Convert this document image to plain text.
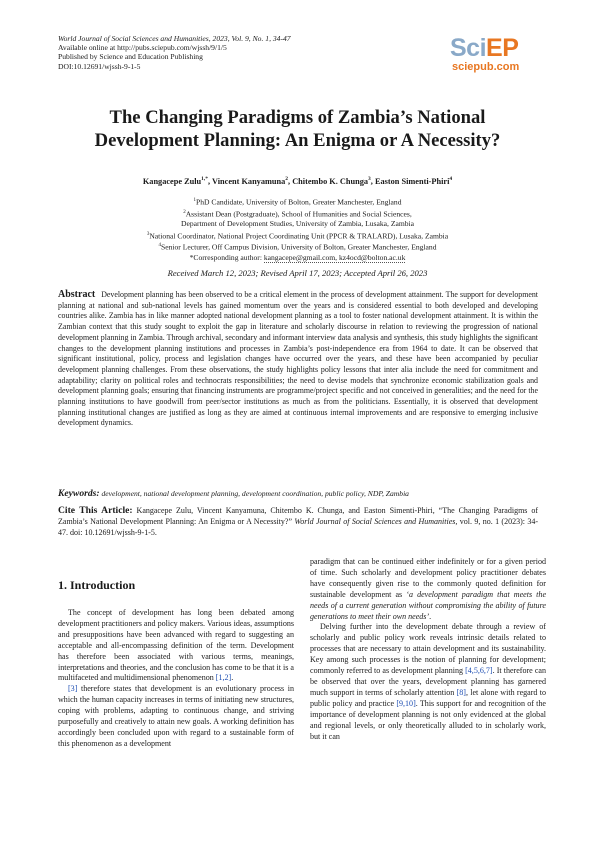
World Journal of Social Sciences and Humanities, 2023, Vol. 9, No. 1, 34-47
Available online at http://pubs.sciepub.com/wjssh/9/1/5
Published by Science and Education Publishing
DOI:10.12691/wjssh-9-1-5
Sci EP
sciepub.com
The Changing Paradigms of Zambia’s National
Development Planning: An Enigma or A Necessity?
Kangacepe Zulu$^{1,*}$, Vincent Kanyamuna$^2$, Chitembo K. Chunga$^3$, Easton Simenti-Phiri$^4$
$^1$PhD Candidate, University of Bolton, Greater Manchester, England
$^2$Assistant Dean (Postgraduate), School of Humanities and Social Sciences,
Department of Development Studies, University of Zambia, Lusaka, Zambia
$^3$National Coordinator, National Project Coordinating Unit (PPCR & TRALARD), Lusaka, Zambia
$^4$Senior Lecturer, Off Campus Division, University of Bolton, Greater Manchester, England
*Corresponding author: kangacepe@gmail.com, kz4ocd@bolton.ac.uk
Received March 12, 2023; Revised April 17, 2023; Accepted April 26, 2023
Abstract Development planning has been observed to be a critical element in the process of development attainment. The support for development planning at national and sub-national levels has gained momentum over the years and is considered essential to both developed and developing countries alike. Zambia has in like manner adopted national development planning as a tool to foster national development attainment. It is within the Zambian context that this study sought to exploit the gap in literature and scholarly discourse in relation to reviewing the progression of national development planning in Zambia. Through archival, secondary and informant interview data analysis and synthesis, this study highlights the significant changes to the development planning institutions and processes in Zambia’s post-independence era from 1964 to date. It can be observed that significant institutional, policy, process and legislation changes have occurred over the years, and these have been accompanied by peculiar development planning challenges. From these observations, the study highlights policy lessons that inter alia include the need for commitment and adaptability; clarity on political roles and technocrats responsibilities; the need to devise models that synchronize economic stabilization goals and development planning goals; ensuring that financing instruments are programme/project specific and not conceived in generalities; and the need for the planning institutions to have goodwill from peer/sector institutions as much as from the politicians. Essentially, it is observed that development planning institutional changes are justified as long as they are aimed at continuous internal improvements and are responsive to emerging inclusive development dynamics.
Keywords: development, national development planning, development coordination, public policy, NDP, Zambia
Cite This Article: Kangacepe Zulu, Vincent Kanyamuna, Chitembo K. Chunga, and Easton Simenti-Phiri, “The Changing Paradigms of Zambia’s National Development Planning: An Enigma or A Necessity?” World Journal of Social Sciences and Humanities, vol. 9, no. 1 (2023): 34-47. doi: 10.12691/wjssh-9-1-5.
1. Introduction

The concept of development has long been debated among development practitioners and policy makers. Various ideas, assumptions and presuppositions have been advanced with regard to suggesting an acceptable and all-encompassing definition of the term. Development has therefore been associated with various terms, meanings, interpretations and theories, and the conclusion has come to be that it is a multifaceted and multidimensional phenomenon [1,2].

[3] therefore states that development is an evolutionary process in which the human capacity increases in terms of initiating new structures, coping with problems, adapting to continuous change, and striving purposefully and creatively to attain new goals. A working definition has accordingly been concluded upon with regard to a sustainable form of this phenomenon as a development

paradigm that can be continued either indefinitely or for a given period of time. Such scholarly and development policy practitioner debates have consequently given rise to the commonly quoted definition for sustainable development as ‘a development paradigm that meets the needs of a current generation without compromising the ability of future generations to meet their own needs’.

Delving further into the development debate through a review of scholarly and public policy work reveals intrinsic details related to processes that are necessary to attain development and its sustainability. Key among such processes is the notion of planning for development; commonly referred to as development planning [4,5,6,7]. It therefore can be observed that over the years, development planning has garnered much support in terms of scholarly attention [8], let alone with regard to public policy and practice [9,10]. This support for and recognition of the importance of development planning is not only evidenced at the global and regional levels, or only theoretically alluded to in scholarly work, but it can
